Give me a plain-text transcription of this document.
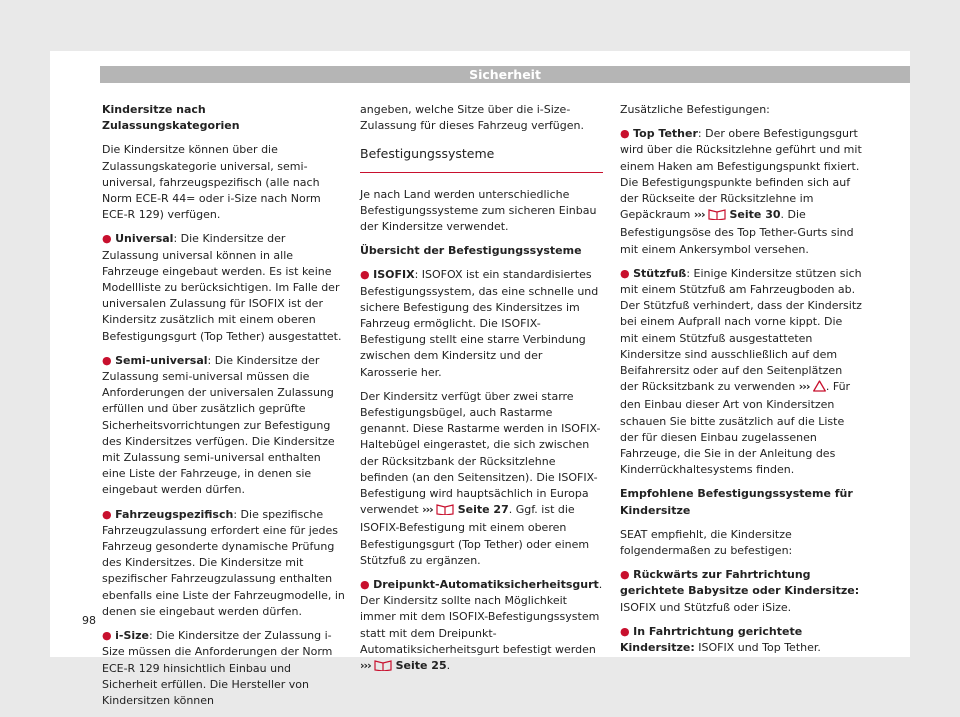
Sicherheit

Kindersitze nach Zulassungskategorien

Die Kindersitze können über die Zulassungskategorie universal, semi-universal, fahrzeugspezifisch (alle nach Norm ECE-R 44= oder i-Size nach Norm ECE-R 129) verfügen.

● Universal: Die Kindersitze der Zulassung universal können in alle Fahrzeuge eingebaut werden. Es ist keine Modellliste zu berücksichtigen. Im Falle der universalen Zulassung für ISOFIX ist der Kindersitz zusätzlich mit einem oberen Befestigungsgurt (Top Tether) ausgestattet.

● Semi-universal: Die Kindersitze der Zulassung semi-universal müssen die Anforderungen der universalen Zulassung erfüllen und über zusätzlich geprüfte Sicherheitsvorrichtungen zur Befestigung des Kindersitzes verfügen. Die Kindersitze mit Zulassung semi-universal enthalten eine Liste der Fahrzeuge, in denen sie eingebaut werden dürfen.

● Fahrzeugspezifisch: Die spezifische Fahrzeugzulassung erfordert eine für jedes Fahrzeug gesonderte dynamische Prüfung des Kindersitzes. Die Kindersitze mit spezifischer Fahrzeugzulassung enthalten ebenfalls eine Liste der Fahrzeugmodelle, in denen sie eingebaut werden dürfen.

● i-Size: Die Kindersitze der Zulassung i-Size müssen die Anforderungen der Norm ECE-R 129 hinsichtlich Einbau und Sicherheit erfüllen. Die Hersteller von Kindersitzen können

angeben, welche Sitze über die i-Size-Zulassung für dieses Fahrzeug verfügen.

Befestigungssysteme

Je nach Land werden unterschiedliche Befestigungssysteme zum sicheren Einbau der Kindersitze verwendet.

Übersicht der Befestigungssysteme

● ISOFIX: ISOFOX ist ein standardisiertes Befestigungssystem, das eine schnelle und sichere Befestigung des Kindersitzes im Fahrzeug ermöglicht. Die ISOFIX-Befestigung stellt eine starre Verbindung zwischen dem Kindersitz und der Karosserie her.

Der Kindersitz verfügt über zwei starre Befestigungsbügel, auch Rastarme genannt. Diese Rastarme werden in ISOFIX-Haltebügel eingerastet, die sich zwischen der Rücksitzbank der Rücksitzlehne befinden (an den Seitensitzen). Die ISOFIX-Befestigung wird hauptsächlich in Europa verwendet ››› Seite 27. Ggf. ist die ISOFIX-Befestigung mit einem oberen Befestigungsgurt (Top Tether) oder einem Stützfuß zu ergänzen.

● Dreipunkt-Automatiksicherheitsgurt. Der Kindersitz sollte nach Möglichkeit immer mit dem ISOFIX-Befestigungssystem statt mit dem Dreipunkt-Automatiksicherheitsgurt befestigt werden ››› Seite 25.

Zusätzliche Befestigungen:

● Top Tether: Der obere Befestigungsgurt wird über die Rücksitzlehne geführt und mit einem Haken am Befestigungspunkt fixiert. Die Befestigungspunkte befinden sich auf der Rückseite der Rücksitzlehne im Gepäckraum ››› Seite 30. Die Befestigungsöse des Top Tether-Gurts sind mit einem Ankersymbol versehen.

● Stützfuß: Einige Kindersitze stützen sich mit einem Stützfuß am Fahrzeugboden ab. Der Stützfuß verhindert, dass der Kindersitz bei einem Aufprall nach vorne kippt. Die mit einem Stützfuß ausgestatteten Kindersitze sind ausschließlich auf dem Beifahrersitz oder auf den Seitenplätzen der Rücksitzbank zu verwenden ››› . Für den Einbau dieser Art von Kindersitzen schauen Sie bitte zusätzlich auf die Liste der für diesen Einbau zugelassenen Fahrzeuge, die Sie in der Anleitung des Kinderrückhaltesystems finden.

Empfohlene Befestigungssysteme für Kindersitze

SEAT empfiehlt, die Kindersitze folgendermaßen zu befestigen:

● Rückwärts zur Fahrtrichtung gerichtete Babysitze oder Kindersitze: ISOFIX und Stützfuß oder iSize.

● In Fahrtrichtung gerichtete Kindersitze: ISOFIX und Top Tether.

98
